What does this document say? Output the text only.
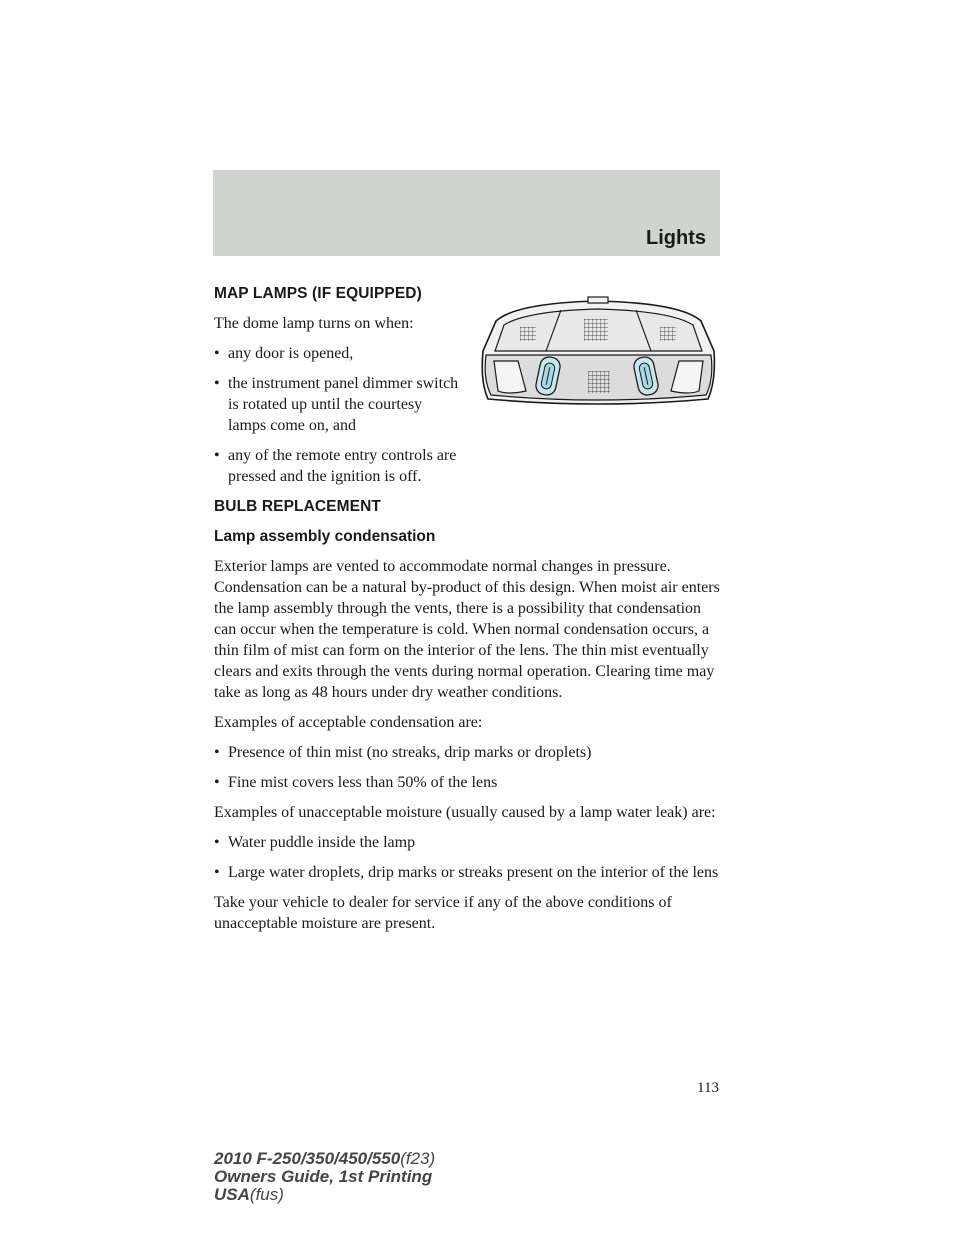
Lights
MAP LAMPS (IF EQUIPPED)

The dome lamp turns on when:

• any door is opened,
• the instrument panel dimmer switch is rotated up until the courtesy lamps come on, and
• any of the remote entry controls are pressed and the ignition is off.
BULB REPLACEMENT
Lamp assembly condensation

Exterior lamps are vented to accommodate normal changes in pressure. Condensation can be a natural by-product of this design. When moist air enters the lamp assembly through the vents, there is a possibility that condensation can occur when the temperature is cold. When normal condensation occurs, a thin film of mist can form on the interior of the lens. The thin mist eventually clears and exits through the vents during normal operation. Clearing time may take as long as 48 hours under dry weather conditions.

Examples of acceptable condensation are:

• Presence of thin mist (no streaks, drip marks or droplets)
• Fine mist covers less than 50% of the lens

Examples of unacceptable moisture (usually caused by a lamp water leak) are:

• Water puddle inside the lamp
• Large water droplets, drip marks or streaks present on the interior of the lens

Take your vehicle to dealer for service if any of the above conditions of unacceptable moisture are present.

113
2010 F-250/350/450/550(f23)
Owners Guide, 1st Printing
USA(fus)
